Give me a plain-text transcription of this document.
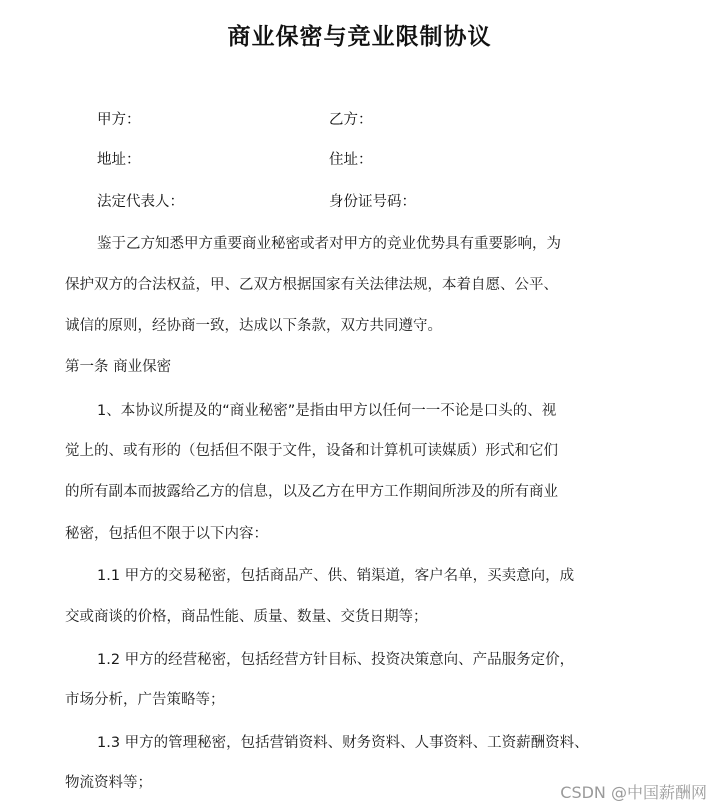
商业保密与竞业限制协议
甲方：	乙方：
地址：	住址：
法定代表人：	身份证号码：
鉴于乙方知悉甲方重要商业秘密或者对甲方的竞业优势具有重要影响，为
保护双方的合法权益，甲、乙双方根据国家有关法律法规，本着自愿、公平、
诚信的原则，经协商一致，达成以下条款，双方共同遵守。
第一条 商业保密
1、本协议所提及的“商业秘密”是指由甲方以任何一一不论是口头的、视
觉上的、或有形的（包括但不限于文件，设备和计算机可读媒质）形式和它们
的所有副本而披露给乙方的信息，以及乙方在甲方工作期间所涉及的所有商业
秘密，包括但不限于以下内容：
1.1 甲方的交易秘密，包括商品产、供、销渠道，客户名单，买卖意向，成
交或商谈的价格，商品性能、质量、数量、交货日期等；
1.2 甲方的经营秘密，包括经营方针目标、投资决策意向、产品服务定价，
市场分析，广告策略等；
1.3 甲方的管理秘密，包括营销资料、财务资料、人事资料、工资薪酬资料、
物流资料等；	CSDN @中国薪酬网
